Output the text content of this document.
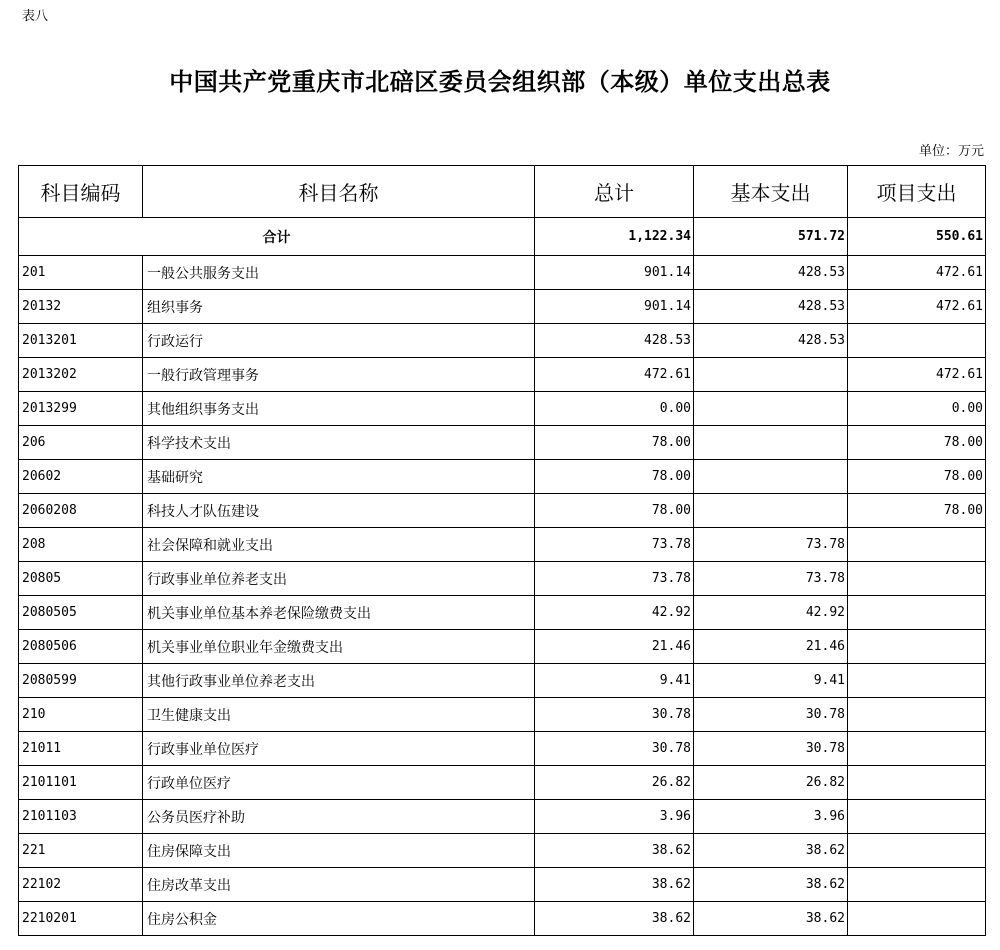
表八
中国共产党重庆市北碚区委员会组织部（本级）单位支出总表
单位：万元
科目编码	科目名称	总计	基本支出	项目支出
合计		1,122.34	571.72	550.61
201	一般公共服务支出	901.14	428.53	472.61
20132	组织事务	901.14	428.53	472.61
2013201	行政运行	428.53	428.53	
2013202	一般行政管理事务	472.61		472.61
2013299	其他组织事务支出	0.00		0.00
206	科学技术支出	78.00		78.00
20602	基础研究	78.00		78.00
2060208	科技人才队伍建设	78.00		78.00
208	社会保障和就业支出	73.78	73.78	
20805	行政事业单位养老支出	73.78	73.78	
2080505	机关事业单位基本养老保险缴费支出	42.92	42.92	
2080506	机关事业单位职业年金缴费支出	21.46	21.46	
2080599	其他行政事业单位养老支出	9.41	9.41	
210	卫生健康支出	30.78	30.78	
21011	行政事业单位医疗	30.78	30.78	
2101101	行政单位医疗	26.82	26.82	
2101103	公务员医疗补助	3.96	3.96	
221	住房保障支出	38.62	38.62	
22102	住房改革支出	38.62	38.62	
2210201	住房公积金	38.62	38.62	
